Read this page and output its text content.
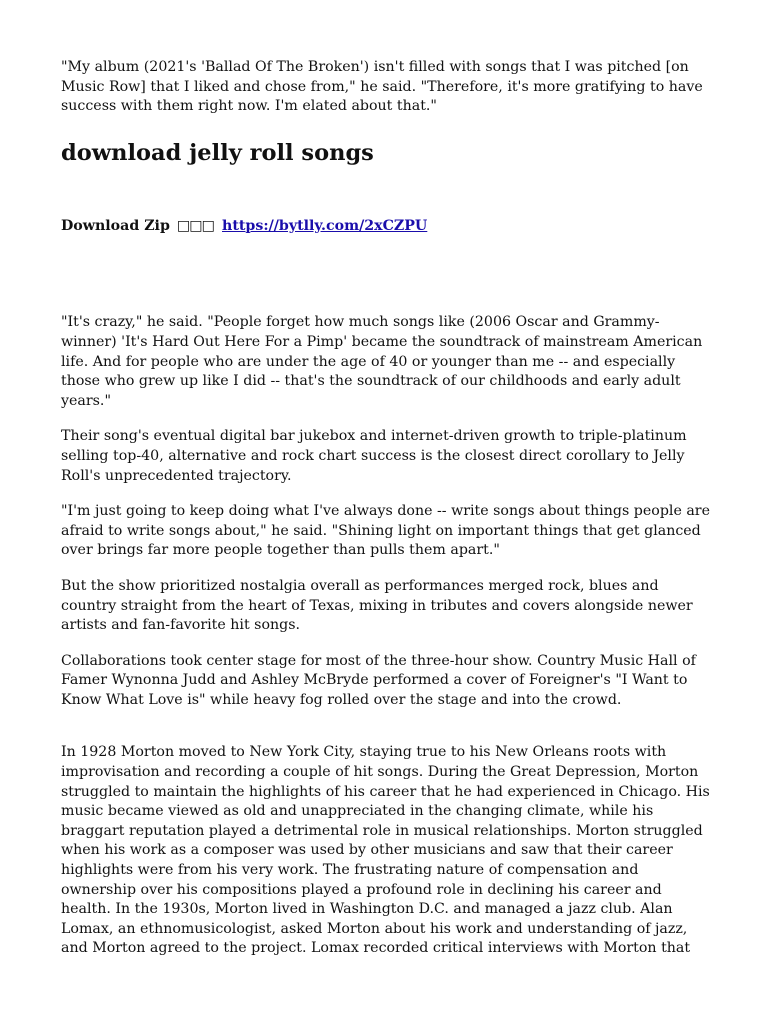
"My album (2021's 'Ballad Of The Broken') isn't filled with songs that I was pitched [on Music Row] that I liked and chose from," he said. "Therefore, it's more gratifying to have success with them right now. I'm elated about that."

download jelly roll songs
Download Zip □□□ https://bytlly.com/2xCZPU

"It's crazy," he said. "People forget how much songs like (2006 Oscar and Grammy-winner) 'It's Hard Out Here For a Pimp' became the soundtrack of mainstream American life. And for people who are under the age of 40 or younger than me -- and especially those who grew up like I did -- that's the soundtrack of our childhoods and early adult years."

Their song's eventual digital bar jukebox and internet-driven growth to triple-platinum selling top-40, alternative and rock chart success is the closest direct corollary to Jelly Roll's unprecedented trajectory.

"I'm just going to keep doing what I've always done -- write songs about things people are afraid to write songs about," he said. "Shining light on important things that get glanced over brings far more people together than pulls them apart."

But the show prioritized nostalgia overall as performances merged rock, blues and country straight from the heart of Texas, mixing in tributes and covers alongside newer artists and fan-favorite hit songs.

Collaborations took center stage for most of the three-hour show. Country Music Hall of Famer Wynonna Judd and Ashley McBryde performed a cover of Foreigner's "I Want to Know What Love is" while heavy fog rolled over the stage and into the crowd.

In 1928 Morton moved to New York City, staying true to his New Orleans roots with improvisation and recording a couple of hit songs. During the Great Depression, Morton struggled to maintain the highlights of his career that he had experienced in Chicago. His music became viewed as old and unappreciated in the changing climate, while his braggart reputation played a detrimental role in musical relationships. Morton struggled when his work as a composer was used by other musicians and saw that their career highlights were from his very work. The frustrating nature of compensation and ownership over his compositions played a profound role in declining his career and health. In the 1930s, Morton lived in Washington D.C. and managed a jazz club. Alan Lomax, an ethnomusicologist, asked Morton about his work and understanding of jazz, and Morton agreed to the project. Lomax recorded critical interviews with Morton that
